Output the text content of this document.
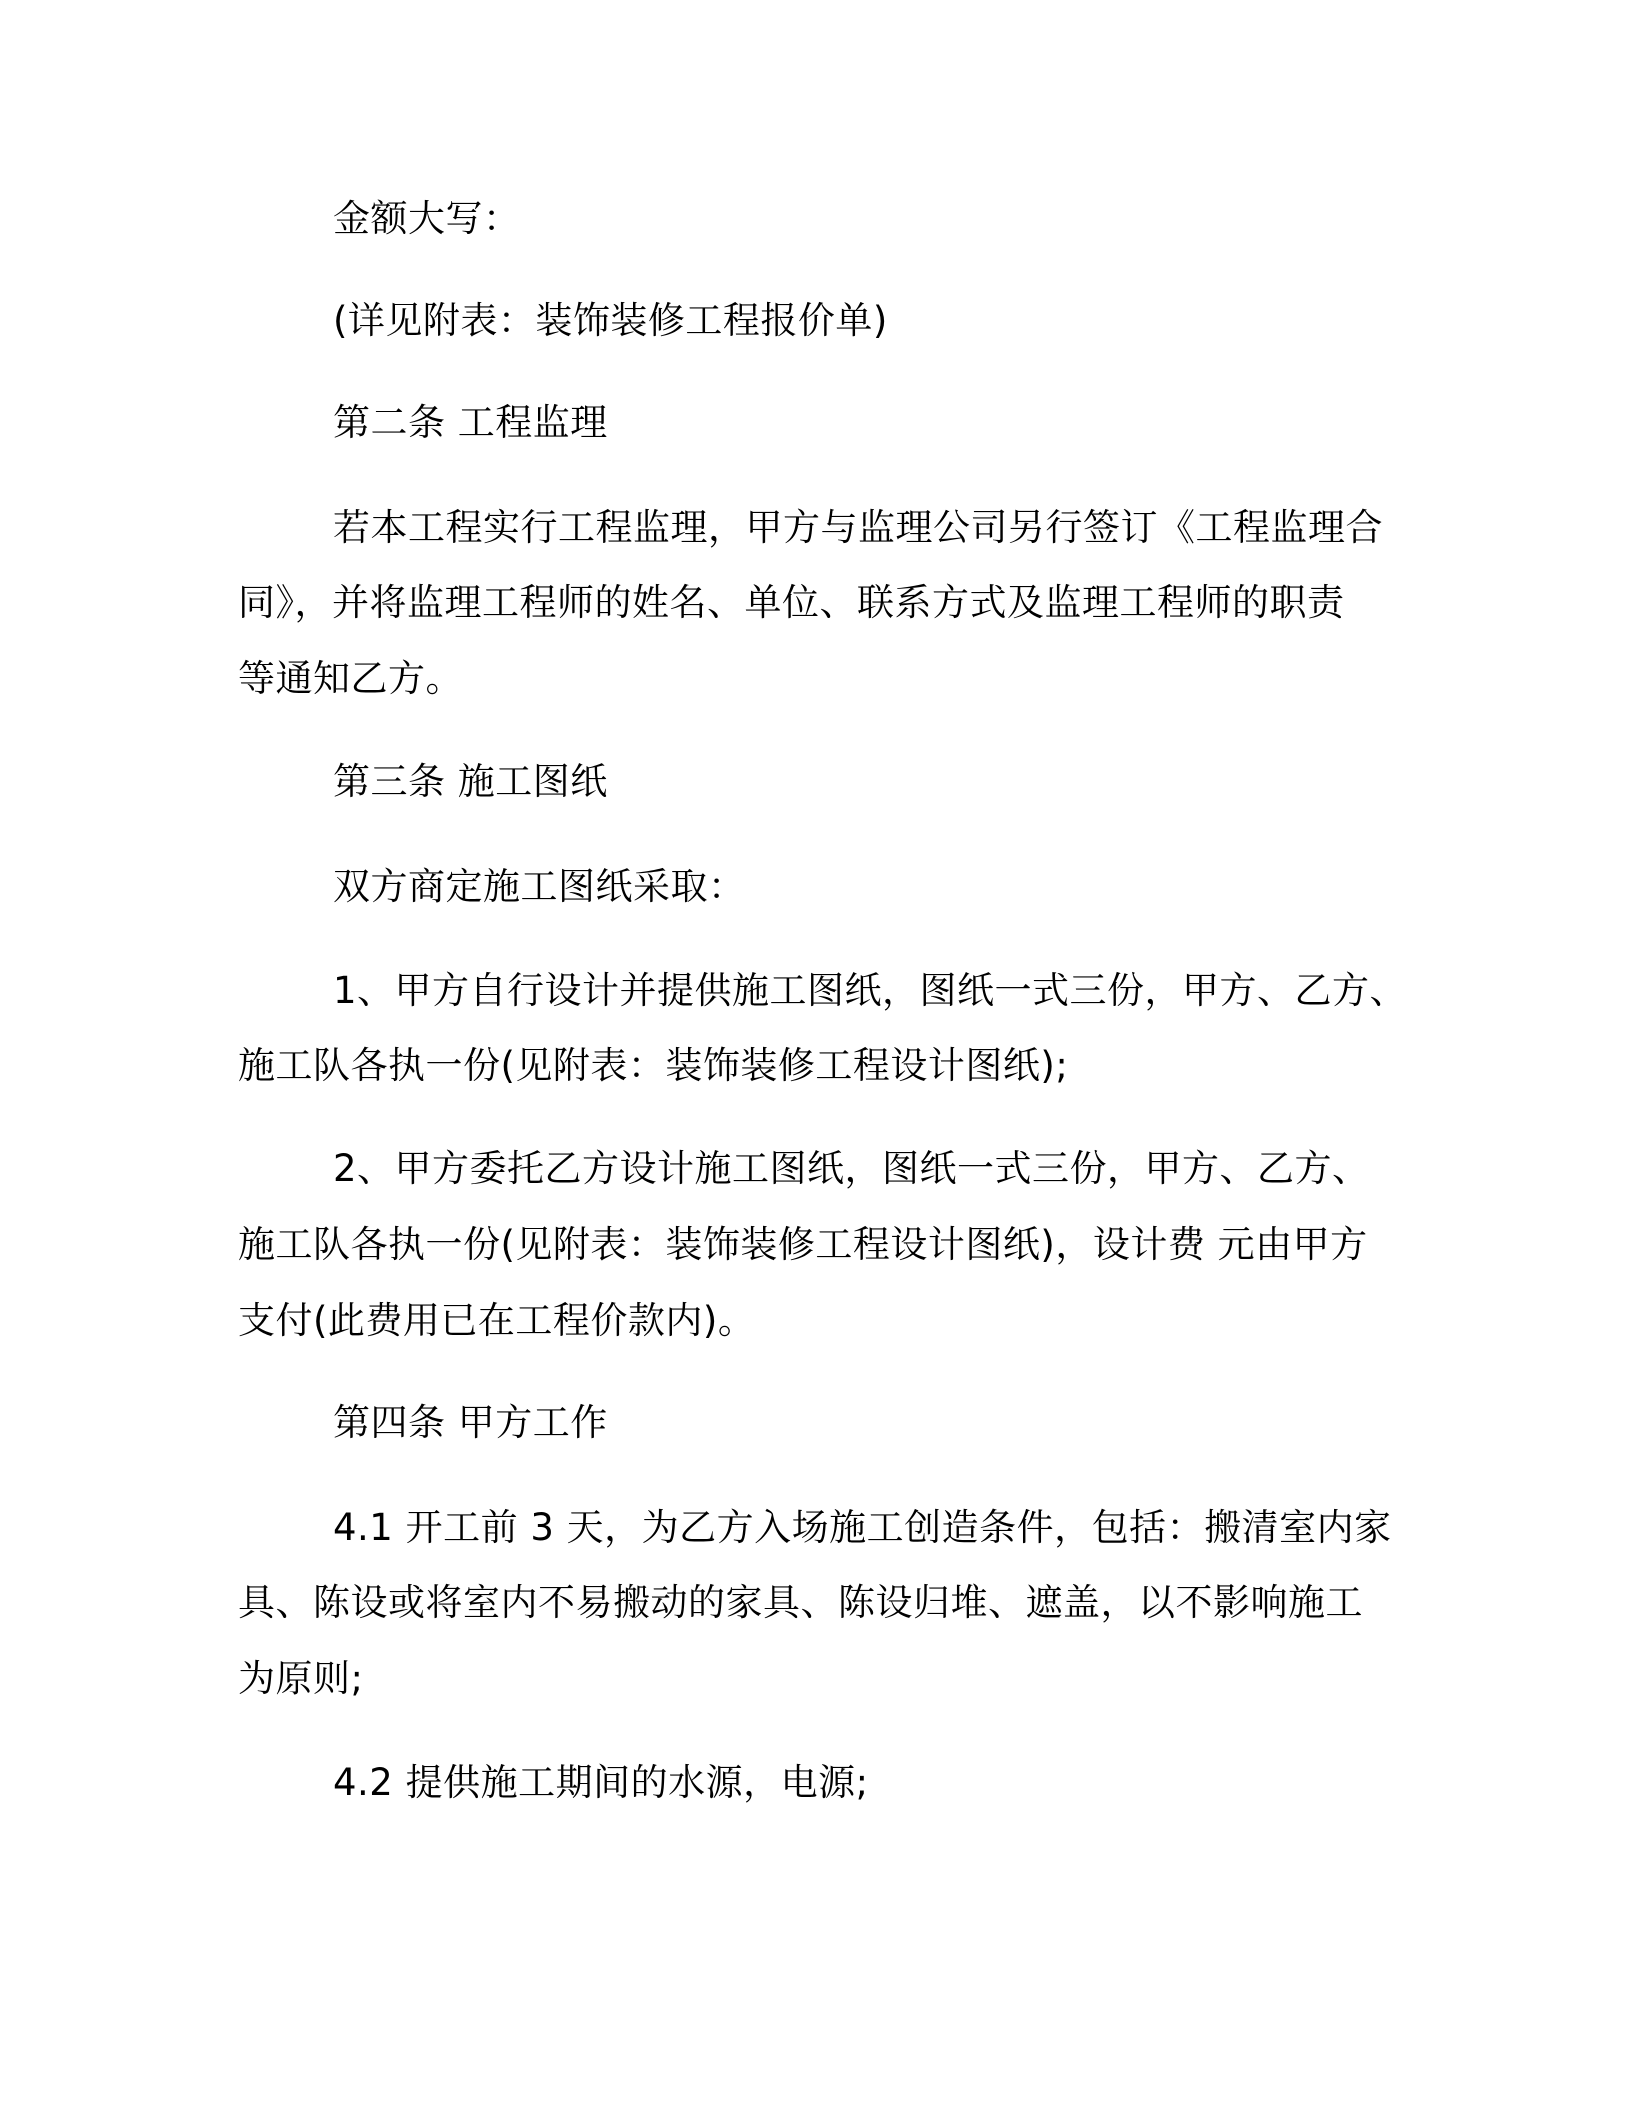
金额大写：
(详见附表：装饰装修工程报价单)
第二条 工程监理
若本工程实行工程监理，甲方与监理公司另行签订《工程监理合
同》，并将监理工程师的姓名、单位、联系方式及监理工程师的职责
等通知乙方。
第三条 施工图纸
双方商定施工图纸采取：
1、甲方自行设计并提供施工图纸，图纸一式三份，甲方、乙方、
施工队各执一份(见附表：装饰装修工程设计图纸);
2、甲方委托乙方设计施工图纸，图纸一式三份，甲方、乙方、
施工队各执一份(见附表：装饰装修工程设计图纸)，设计费 元由甲方
支付(此费用已在工程价款内)。
第四条 甲方工作
4.1 开工前 3 天，为乙方入场施工创造条件，包括：搬清室内家
具、陈设或将室内不易搬动的家具、陈设归堆、遮盖，以不影响施工
为原则;
4.2 提供施工期间的水源，电源;
